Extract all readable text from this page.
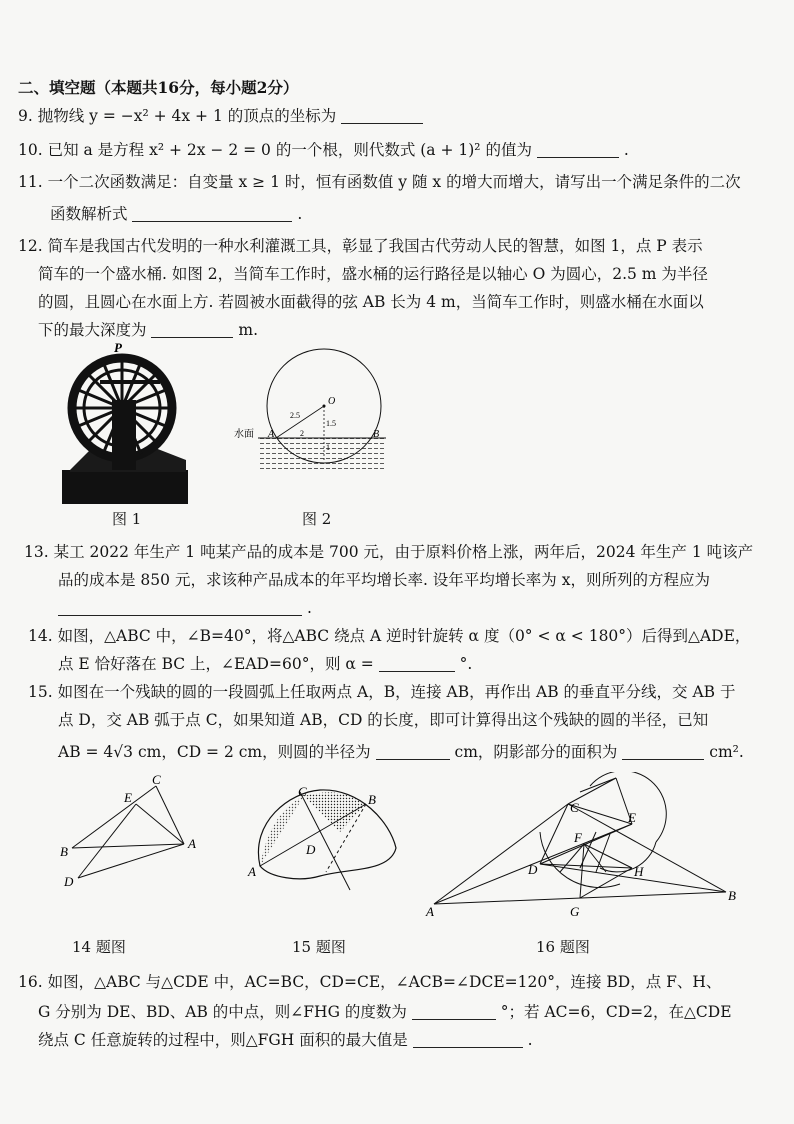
二、填空题（本题共16分，每小题2分）
9. 抛物线 y = −x² + 4x + 1 的顶点的坐标为
10. 已知 a 是方程 x² + 2x − 2 = 0 的一个根，则代数式 (a + 1)² 的值为	.
11. 一个二次函数满足：自变量 x ≥ 1 时，恒有函数值 y 随 x 的增大而增大，请写出一个满足条件的二次
函数解析式	.
12. 简车是我国古代发明的一种水利灌溉工具，彰显了我国古代劳动人民的智慧，如图 1，点 P 表示
简车的一个盛水桶. 如图 2，当简车工作时，盛水桶的运行路径是以轴心 O 为圆心，2.5 m 为半径
的圆，且圆心在水面上方. 若圆被水面截得的弦 AB 长为 4 m，当简车工作时，则盛水桶在水面以
下的最大深度为	m.
P
图 1
O
A	B
水面
2.5
1.5
2
1
图 2
13. 某工 2022 年生产 1 吨某产品的成本是 700 元，由于原料价格上涨，两年后，2024 年生产 1 吨该产
品的成本是 850 元，求该种产品成本的年平均增长率. 设年平均增长率为 x，则所列的方程应为
.
14. 如图，△ABC 中，∠B=40°，将△ABC 绕点 A 逆时针旋转 α 度（0° < α < 180°）后得到△ADE，
点 E 恰好落在 BC 上，∠EAD=60°，则 α =	°.
15. 如图在一个残缺的圆的一段圆弧上任取两点 A，B，连接 AB，再作出 AB 的垂直平分线，交 AB 于
点 D，交 AB 弧于点 C，如果知道 AB，CD 的长度，即可计算得出这个残缺的圆的半径，已知
AB = 4√3 cm，CD = 2 cm，则圆的半径为	cm，阴影部分的面积为	cm².
C
E
B
A
D
14 题图
C
B
D
A
15 题图
C
E
F
D	H
G
A
B
16 题图
16. 如图，△ABC 与△CDE 中，AC=BC，CD=CE，∠ACB=∠DCE=120°，连接 BD，点 F、H、
G 分别为 DE、BD、AB 的中点，则∠FHG 的度数为	°；若 AC=6，CD=2，在△CDE
绕点 C 任意旋转的过程中，则△FGH 面积的最大值是	.
